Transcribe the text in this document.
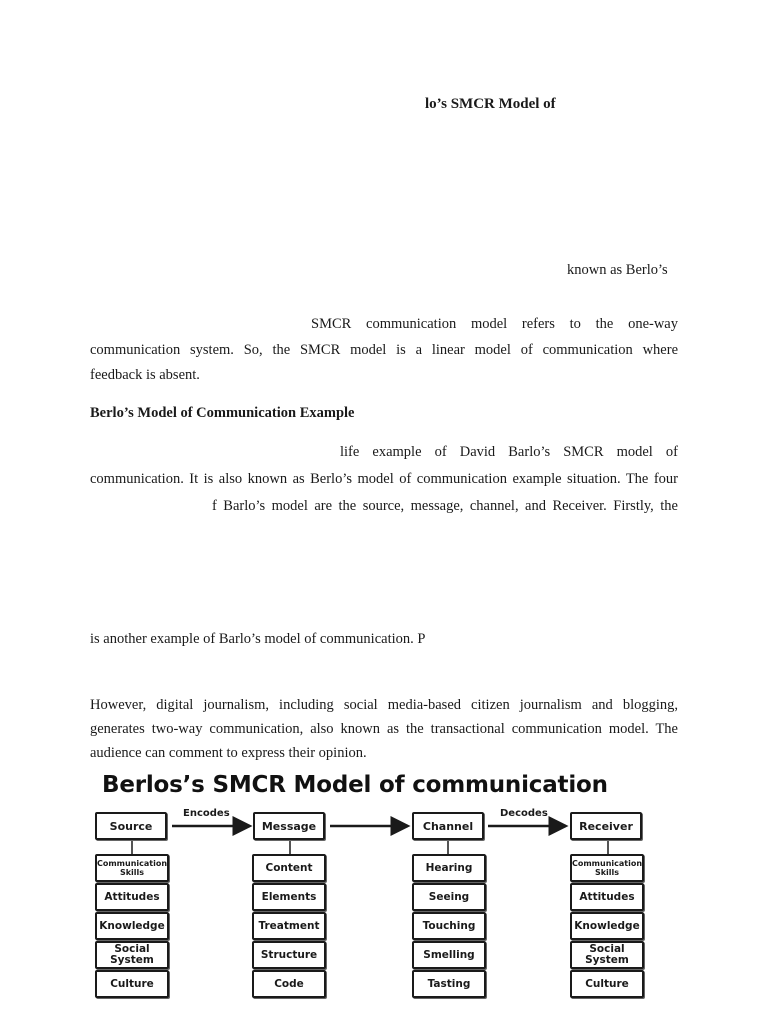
lo’s SMCR Model of
known as Berlo’s
SMCR communication model refers to the one-way
communication system. So, the SMCR model is a linear model of communication where
feedback is absent.
Berlo’s Model of Communication Example
life example of David Barlo’s SMCR model of
communication. It is also known as Berlo’s model of communication example situation. The four
f Barlo’s model are the source, message, channel, and Receiver. Firstly, the
is another example of Barlo’s model of communication. P
However, digital journalism, including social media-based citizen journalism and blogging,
generates two-way communication, also known as the transactional communication model. The
audience can comment to express their opinion.
Berlos’s SMCR Model of communication
Encodes	Decodes
Source	Message	Channel	Receiver
Communication Skills
Attitudes
Knowledge
Social System
Culture
Content
Elements
Treatment
Structure
Code
Hearing
Seeing
Touching
Smelling
Tasting
Communication Skills
Attitudes
Knowledge
Social System
Culture
